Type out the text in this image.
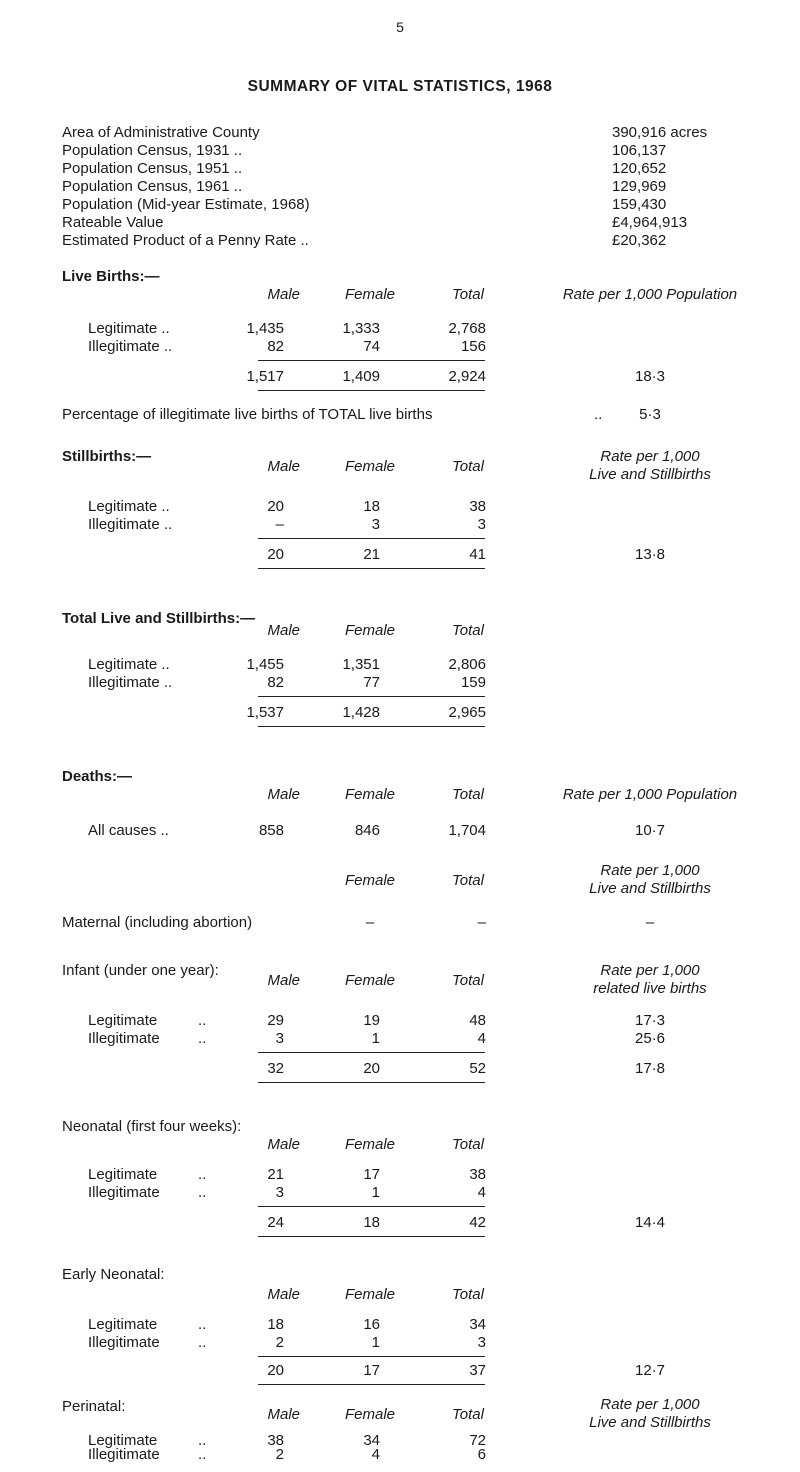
5
SUMMARY OF VITAL STATISTICS, 1968
Area of Administrative County	390,916 acres
Population Census, 1931 ..	106,137
Population Census, 1951 ..	120,652
Population Census, 1961 ..	129,969
Population (Mid-year Estimate, 1968)	159,430
Rateable Value	£4,964,913
Estimated Product of a Penny Rate ..	£20,362
Live Births:—
Male	Female	Total	Rate per 1,000 Population
Legitimate ..	1,435	1,333	2,768
Illegitimate ..	82	74	156
1,517	1,409	2,924	18·3
Percentage of illegitimate live births of TOTAL live births	..	5·3
Stillbirths:—
Male	Female	Total
Rate per 1,000
Live and Stillbirths
Legitimate ..	20	18	38
Illegitimate ..	–	3	3
20	21	41	13·8
Total Live and Stillbirths:—
Male	Female	Total
Legitimate ..	1,455	1,351	2,806
Illegitimate ..	82	77	159
1,537	1,428	2,965
Deaths:—
Male	Female	Total	Rate per 1,000 Population
All causes ..	858	846	1,704	10·7
Female	Total
Rate per 1,000
Live and Stillbirths
Maternal (including abortion)	–	–	–
Infant (under one year):
Male	Female	Total
Rate per 1,000
related live births
Legitimate	..	29	19	48	17·3
Illegitimate	..	3	1	4	25·6
32	20	52	17·8
Neonatal (first four weeks):
Male	Female	Total
Legitimate	..	21	17	38
Illegitimate	..	3	1	4
24	18	42	14·4
Early Neonatal:
Male	Female	Total
Legitimate	..	18	16	34
Illegitimate	..	2	1	3
20	17	37	12·7
Perinatal:	Male	Female	Total
Rate per 1,000
Live and Stillbirths
Legitimate	..	38	34	72
Illegitimate	..	2	4	6
